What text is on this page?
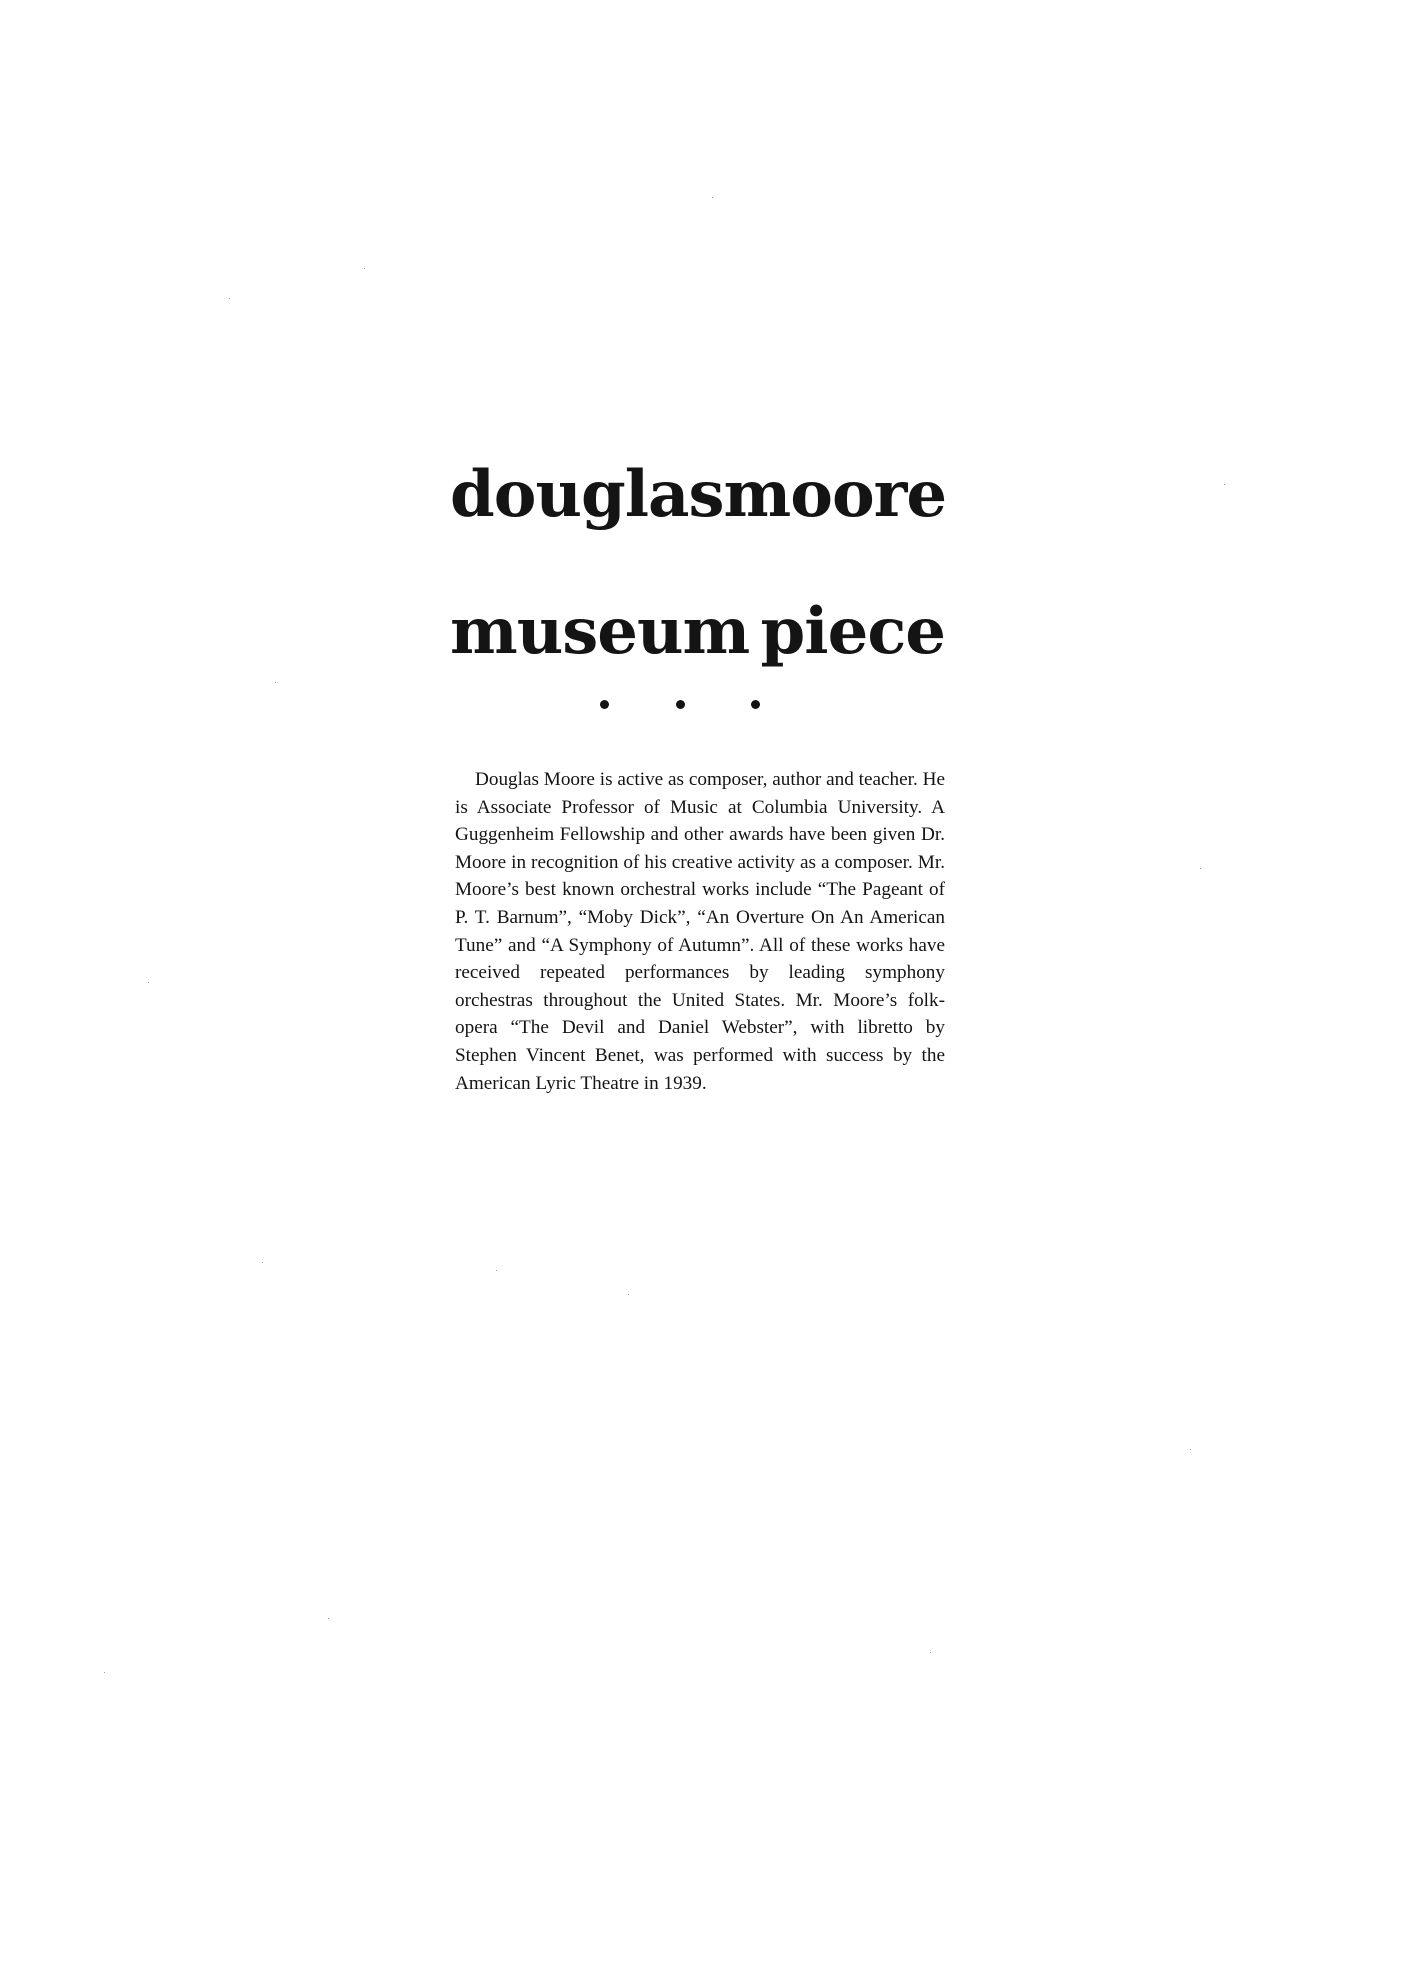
douglas moore
museum piece

Douglas Moore is active as composer, author and teacher. He is Associate Professor of Music at Columbia University. A Guggenheim Fellowship and other awards have been given Dr. Moore in recognition of his creative activity as a composer. Mr. Moore’s best known orchestral works include “The Pageant of P. T. Barnum”, “Moby Dick”, “An Overture On An American Tune” and “A Symphony of Autumn”. All of these works have received repeated performances by leading symphony orchestras throughout the United States. Mr. Moore’s folk-opera “The Devil and Daniel Webster”, with libretto by Stephen Vincent Benet, was performed with success by the American Lyric Theatre in 1939.
